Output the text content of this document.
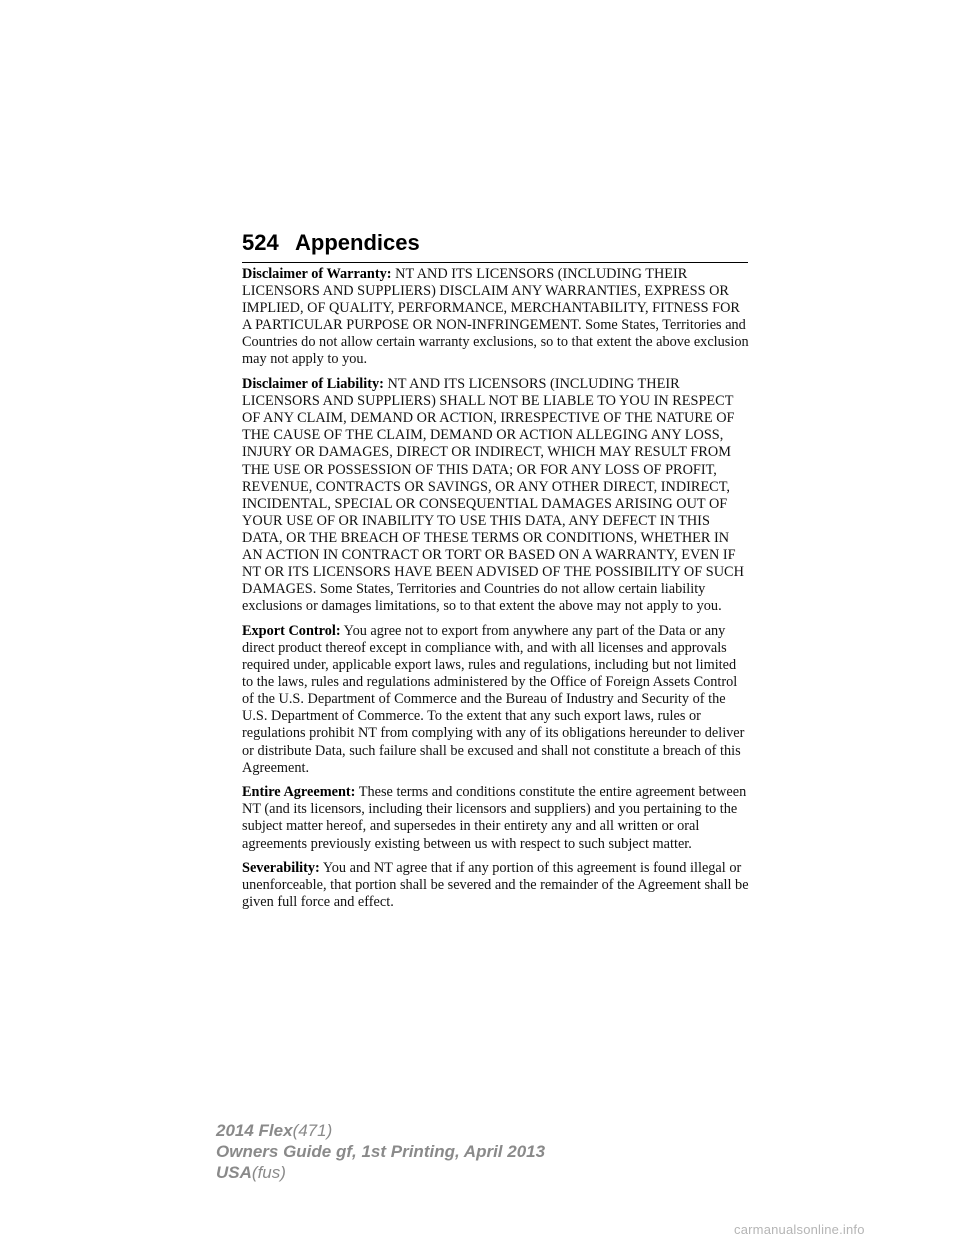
524 Appendices

Disclaimer of Warranty: NT AND ITS LICENSORS (INCLUDING THEIR LICENSORS AND SUPPLIERS) DISCLAIM ANY WARRANTIES, EXPRESS OR IMPLIED, OF QUALITY, PERFORMANCE, MERCHANTABILITY, FITNESS FOR A PARTICULAR PURPOSE OR NON-INFRINGEMENT. Some States, Territories and Countries do not allow certain warranty exclusions, so to that extent the above exclusion may not apply to you.

Disclaimer of Liability: NT AND ITS LICENSORS (INCLUDING THEIR LICENSORS AND SUPPLIERS) SHALL NOT BE LIABLE TO YOU IN RESPECT OF ANY CLAIM, DEMAND OR ACTION, IRRESPECTIVE OF THE NATURE OF THE CAUSE OF THE CLAIM, DEMAND OR ACTION ALLEGING ANY LOSS, INJURY OR DAMAGES, DIRECT OR INDIRECT, WHICH MAY RESULT FROM THE USE OR POSSESSION OF THIS DATA; OR FOR ANY LOSS OF PROFIT, REVENUE, CONTRACTS OR SAVINGS, OR ANY OTHER DIRECT, INDIRECT, INCIDENTAL, SPECIAL OR CONSEQUENTIAL DAMAGES ARISING OUT OF YOUR USE OF OR INABILITY TO USE THIS DATA, ANY DEFECT IN THIS DATA, OR THE BREACH OF THESE TERMS OR CONDITIONS, WHETHER IN AN ACTION IN CONTRACT OR TORT OR BASED ON A WARRANTY, EVEN IF NT OR ITS LICENSORS HAVE BEEN ADVISED OF THE POSSIBILITY OF SUCH DAMAGES. Some States, Territories and Countries do not allow certain liability exclusions or damages limitations, so to that extent the above may not apply to you.

Export Control: You agree not to export from anywhere any part of the Data or any direct product thereof except in compliance with, and with all licenses and approvals required under, applicable export laws, rules and regulations, including but not limited to the laws, rules and regulations administered by the Office of Foreign Assets Control of the U.S. Department of Commerce and the Bureau of Industry and Security of the U.S. Department of Commerce. To the extent that any such export laws, rules or regulations prohibit NT from complying with any of its obligations hereunder to deliver or distribute Data, such failure shall be excused and shall not constitute a breach of this Agreement.

Entire Agreement: These terms and conditions constitute the entire agreement between NT (and its licensors, including their licensors and suppliers) and you pertaining to the subject matter hereof, and supersedes in their entirety any and all written or oral agreements previously existing between us with respect to such subject matter.

Severability: You and NT agree that if any portion of this agreement is found illegal or unenforceable, that portion shall be severed and the remainder of the Agreement shall be given full force and effect.

2014 Flex(471)
Owners Guide gf, 1st Printing, April 2013
USA(fus)
carmanualsonline.info
